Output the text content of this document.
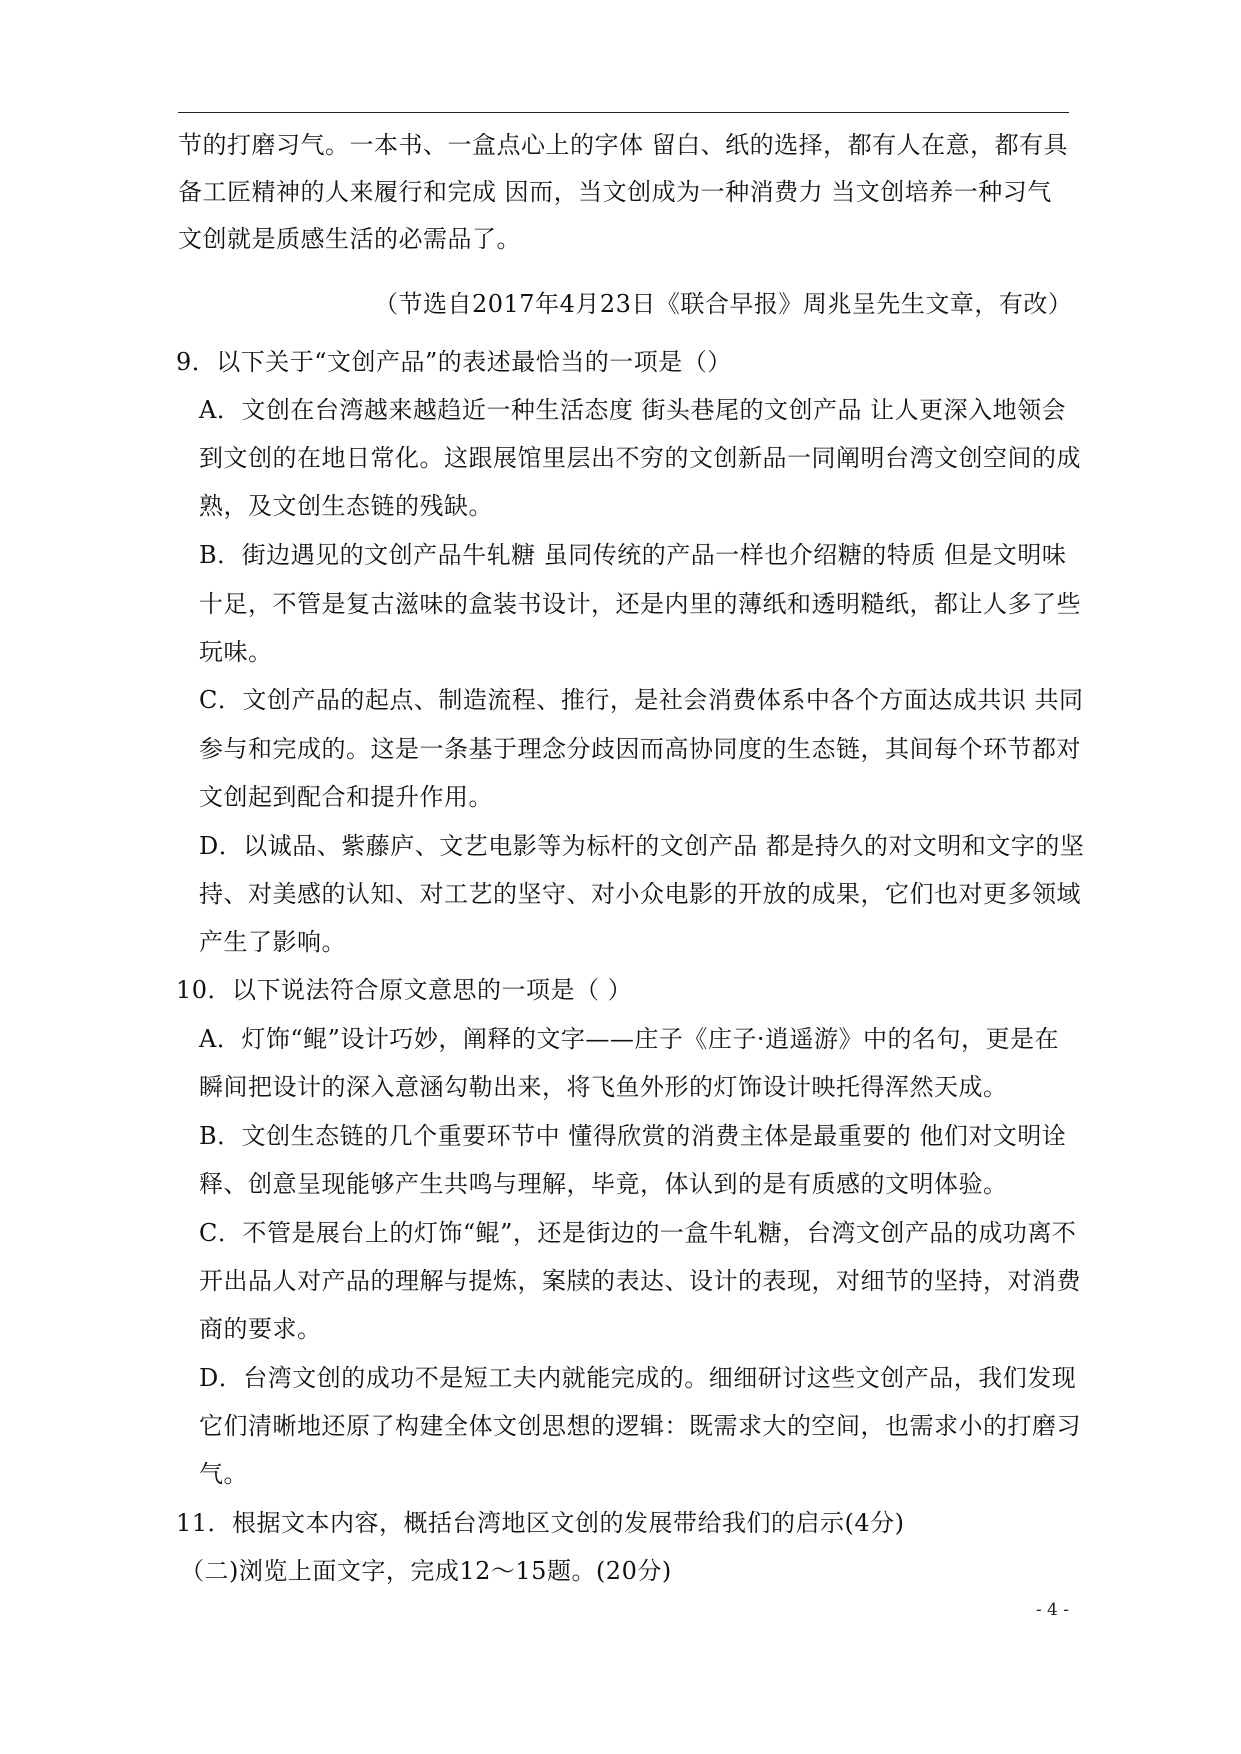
节的打磨习气。一本书、一盒点心上的字体 留白、纸的选择，都有人在意，都有具
备工匠精神的人来履行和完成 因而，当文创成为一种消费力 当文创培养一种习气
文创就是质感生活的必需品了。
（节选自2017年4月23日《联合早报》周兆呈先生文章，有改）
9．以下关于“文创产品”的表述最恰当的一项是（）
A．文创在台湾越来越趋近一种生活态度 街头巷尾的文创产品 让人更深入地领会
到文创的在地日常化。这跟展馆里层出不穷的文创新品一同阐明台湾文创空间的成
熟，及文创生态链的残缺。
B．街边遇见的文创产品牛轧糖 虽同传统的产品一样也介绍糖的特质 但是文明味
十足，不管是复古滋味的盒装书设计，还是内里的薄纸和透明糙纸，都让人多了些
玩味。
C．文创产品的起点、制造流程、推行，是社会消费体系中各个方面达成共识 共同
参与和完成的。这是一条基于理念分歧因而高协同度的生态链，其间每个环节都对
文创起到配合和提升作用。
D．以诚品、紫藤庐、文艺电影等为标杆的文创产品 都是持久的对文明和文字的坚
持、对美感的认知、对工艺的坚守、对小众电影的开放的成果，它们也对更多领域
产生了影响。
10．以下说法符合原文意思的一项是（ ）
A．灯饰“鲲”设计巧妙，阐释的文字——庄子《庄子·逍遥游》中的名句，更是在
瞬间把设计的深入意涵勾勒出来，将飞鱼外形的灯饰设计映托得浑然天成。
B．文创生态链的几个重要环节中 懂得欣赏的消费主体是最重要的 他们对文明诠
释、创意呈现能够产生共鸣与理解，毕竟，体认到的是有质感的文明体验。
C．不管是展台上的灯饰“鲲”，还是街边的一盒牛轧糖，台湾文创产品的成功离不
开出品人对产品的理解与提炼，案牍的表达、设计的表现，对细节的坚持，对消费
商的要求。
D．台湾文创的成功不是短工夫内就能完成的。细细研讨这些文创产品，我们发现
它们清晰地还原了构建全体文创思想的逻辑：既需求大的空间，也需求小的打磨习
气。
11．根据文本内容，概括台湾地区文创的发展带给我们的启示(4分)
（二)浏览上面文字，完成12～15题。(20分)
- 4 -
